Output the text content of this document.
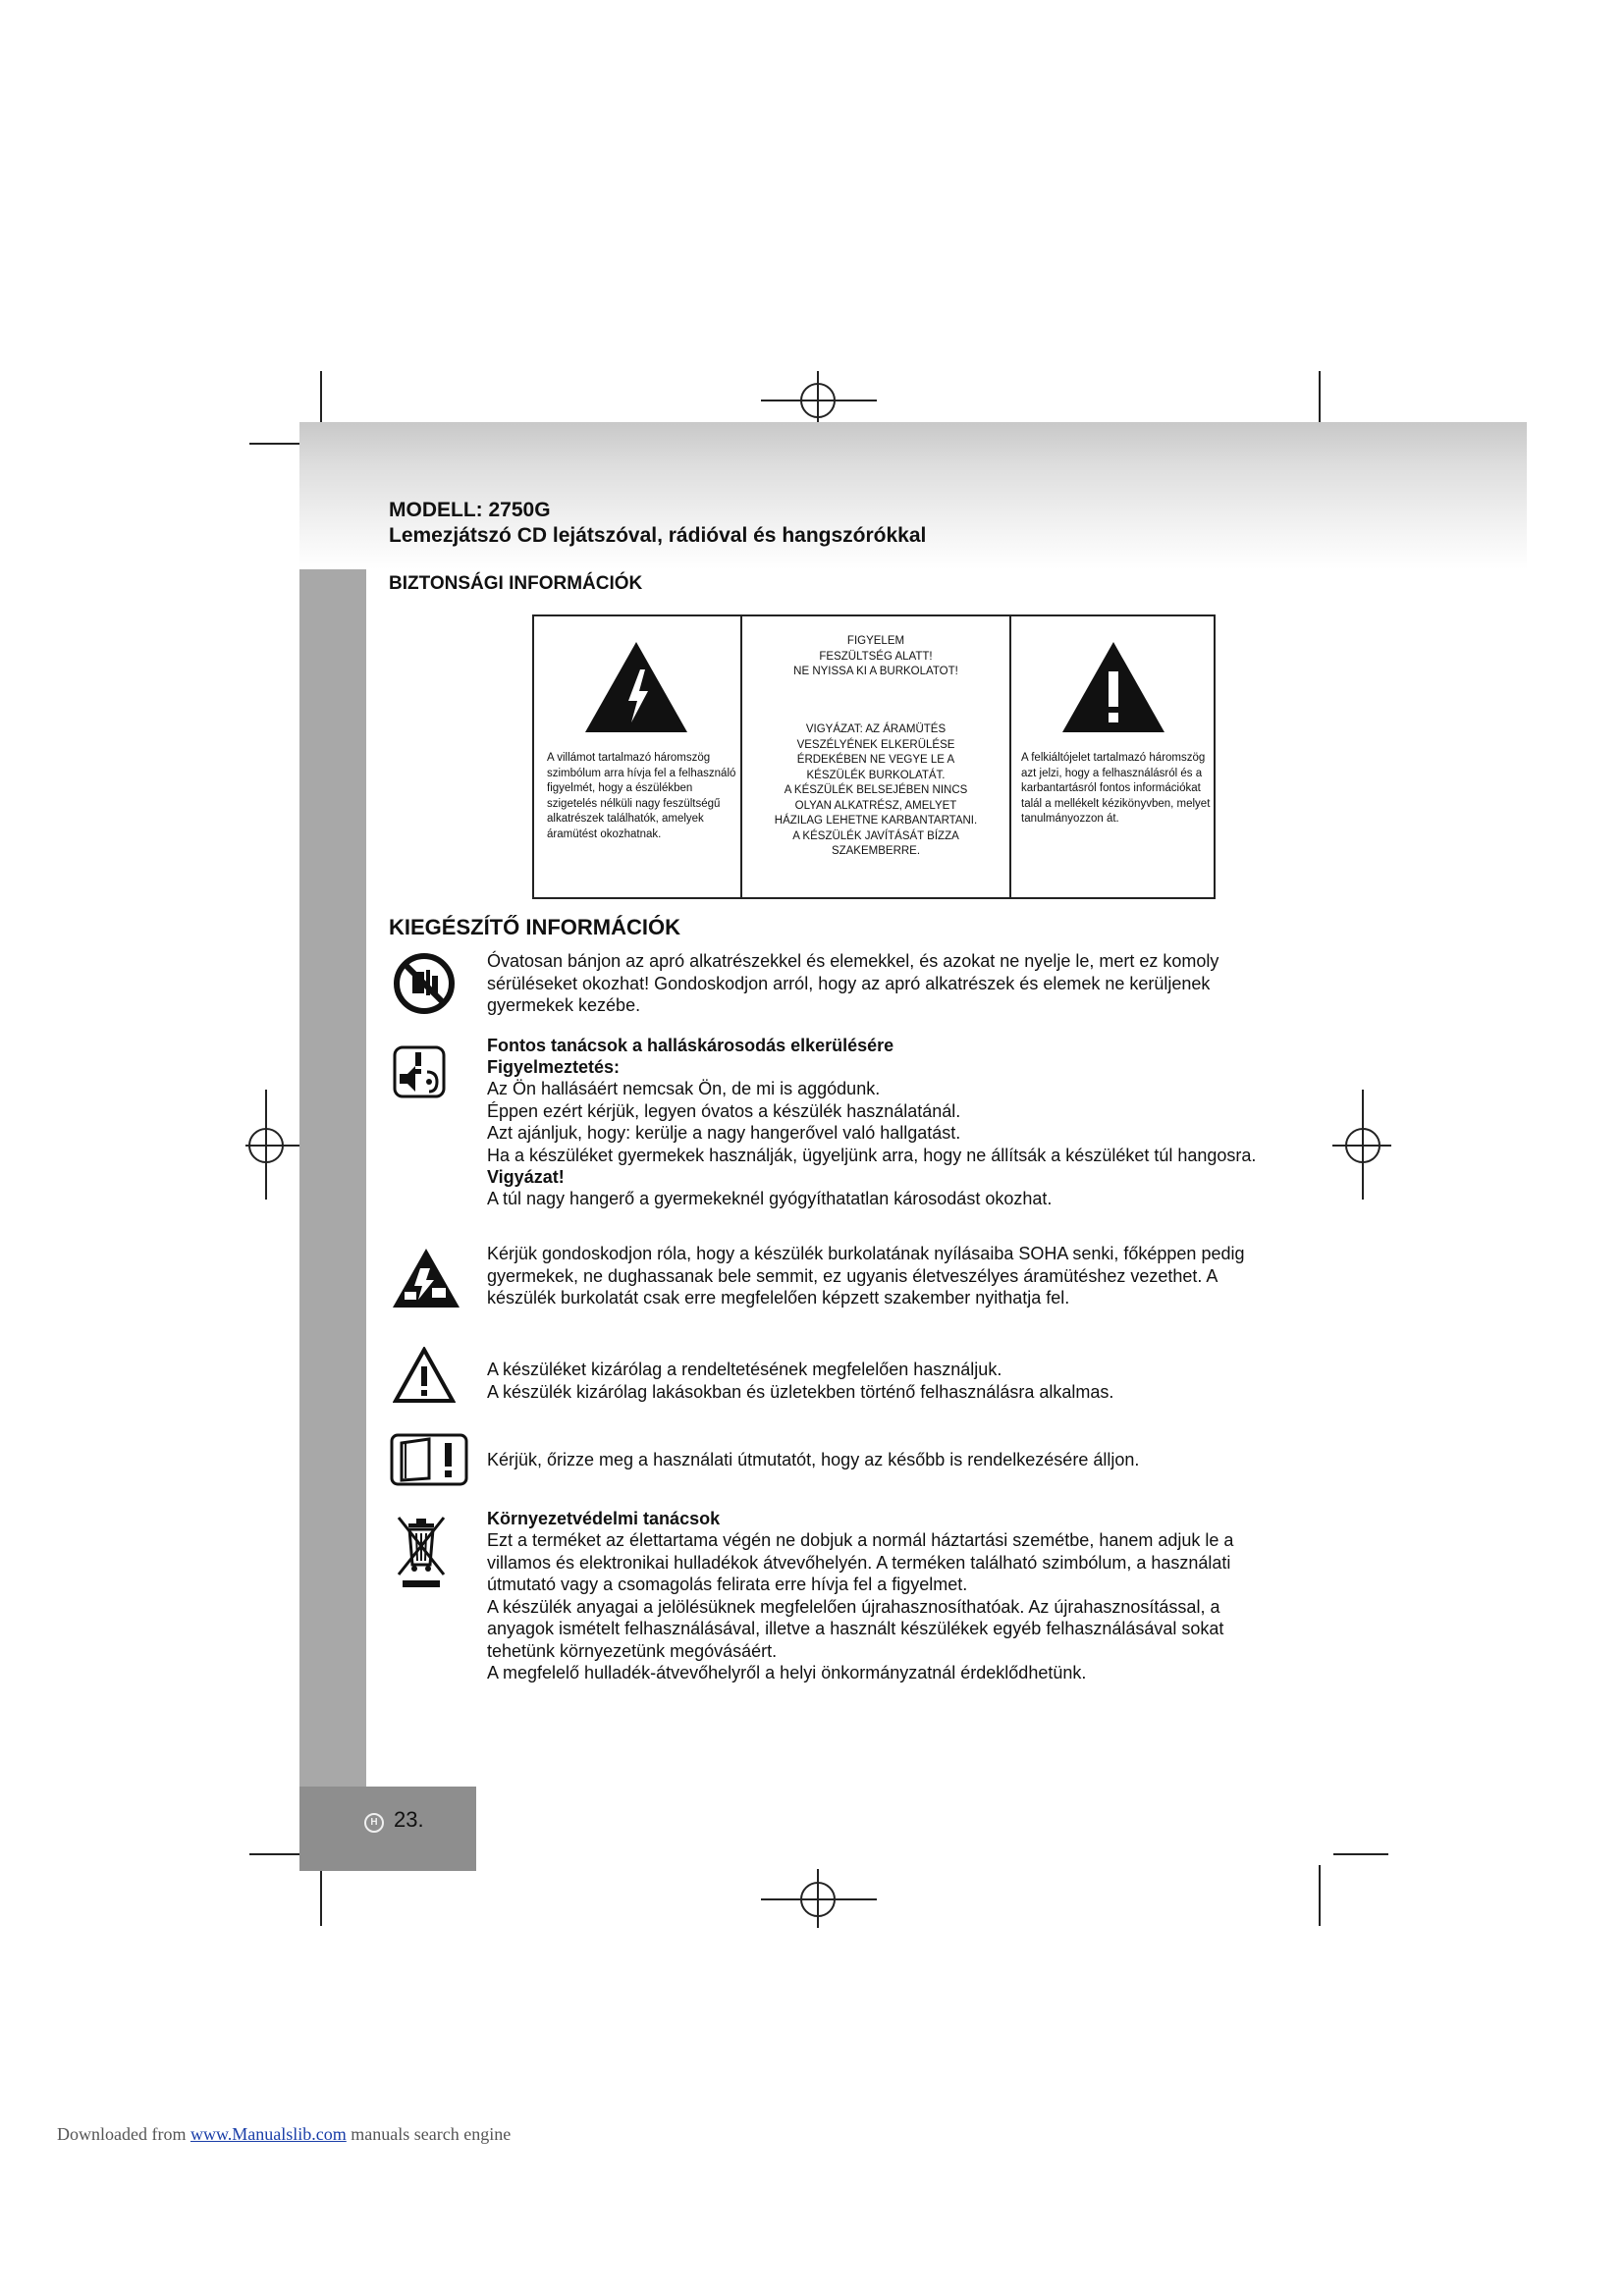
H 23.
MODELL: 2750G
Lemezjátszó CD lejátszóval, rádióval és hangszórókkal
BIZTONSÁGI INFORMÁCIÓK
A villámot tartalmazó háromszög szimbólum arra hívja fel a felhasználó figyelmét, hogy a észülékben szigetelés nélküli nagy feszültségű alkatrészek találhatók, amelyek áramütést okozhatnak.
FIGYELEM
FESZÜLTSÉG ALATT!
NE NYISSA KI A BURKOLATOT!
VIGYÁZAT: AZ ÁRAMÜTÉS
VESZÉLYÉNEK ELKERÜLÉSE
ÉRDEKÉBEN NE VEGYE LE A
KÉSZÜLÉK BURKOLATÁT.
A KÉSZÜLÉK BELSEJÉBEN NINCS
OLYAN ALKATRÉSZ, AMELYET
HÁZILAG LEHETNE KARBANTARTANI.
A KÉSZÜLÉK JAVÍTÁSÁT BÍZZA
SZAKEMBERRE.
A felkiáltójelet tartalmazó háromszög azt jelzi, hogy a felhasználásról és a karbantartásról fontos információkat talál a mellékelt kézikönyvben, melyet tanulmányozzon át.
KIEGÉSZÍTŐ INFORMÁCIÓK
Óvatosan bánjon az apró alkatrészekkel és elemekkel, és azokat ne nyelje le, mert ez komoly
sérüléseket okozhat! Gondoskodjon arról, hogy az apró alkatrészek és elemek ne kerüljenek
gyermekek kezébe.
Fontos tanácsok a halláskárosodás elkerülésére
Figyelmeztetés:
Az Ön hallásáért nemcsak Ön, de mi is aggódunk.
Éppen ezért kérjük, legyen óvatos a készülék használatánál.
Azt ajánljuk, hogy: kerülje a nagy hangerővel való hallgatást.
Ha a készüléket gyermekek használják, ügyeljünk arra, hogy ne állítsák a készüléket túl hangosra.
Vigyázat!
A túl nagy hangerő a gyermekeknél gyógyíthatatlan károsodást okozhat.
Kérjük gondoskodjon róla, hogy a készülék burkolatának nyílásaiba SOHA senki, főképpen pedig
gyermekek, ne dughassanak bele semmit, ez ugyanis életveszélyes áramütéshez vezethet. A
készülék burkolatát csak erre megfelelően képzett szakember nyithatja fel.
A készüléket kizárólag a rendeltetésének megfelelően használjuk.
A készülék kizárólag lakásokban és üzletekben történő felhasználásra alkalmas.
Kérjük, őrizze meg a használati útmutatót, hogy az később is rendelkezésére álljon.
Környezetvédelmi tanácsok
Ezt a terméket az élettartama végén ne dobjuk a normál háztartási szemétbe, hanem adjuk le a
villamos és elektronikai hulladékok átvevőhelyén. A terméken található szimbólum, a használati
útmutató vagy a csomagolás felirata erre hívja fel a figyelmet.
A készülék anyagai a jelölésüknek megfelelően újrahasznosíthatóak. Az újrahasznosítással, a
anyagok ismételt felhasználásával, illetve a használt készülékek egyéb felhasználásával sokat
tehetünk környezetünk megóvásáért.
A megfelelő hulladék-átvevőhelyről a helyi önkormányzatnál érdeklődhetünk.
Downloaded from www.Manualslib.com manuals search engine
